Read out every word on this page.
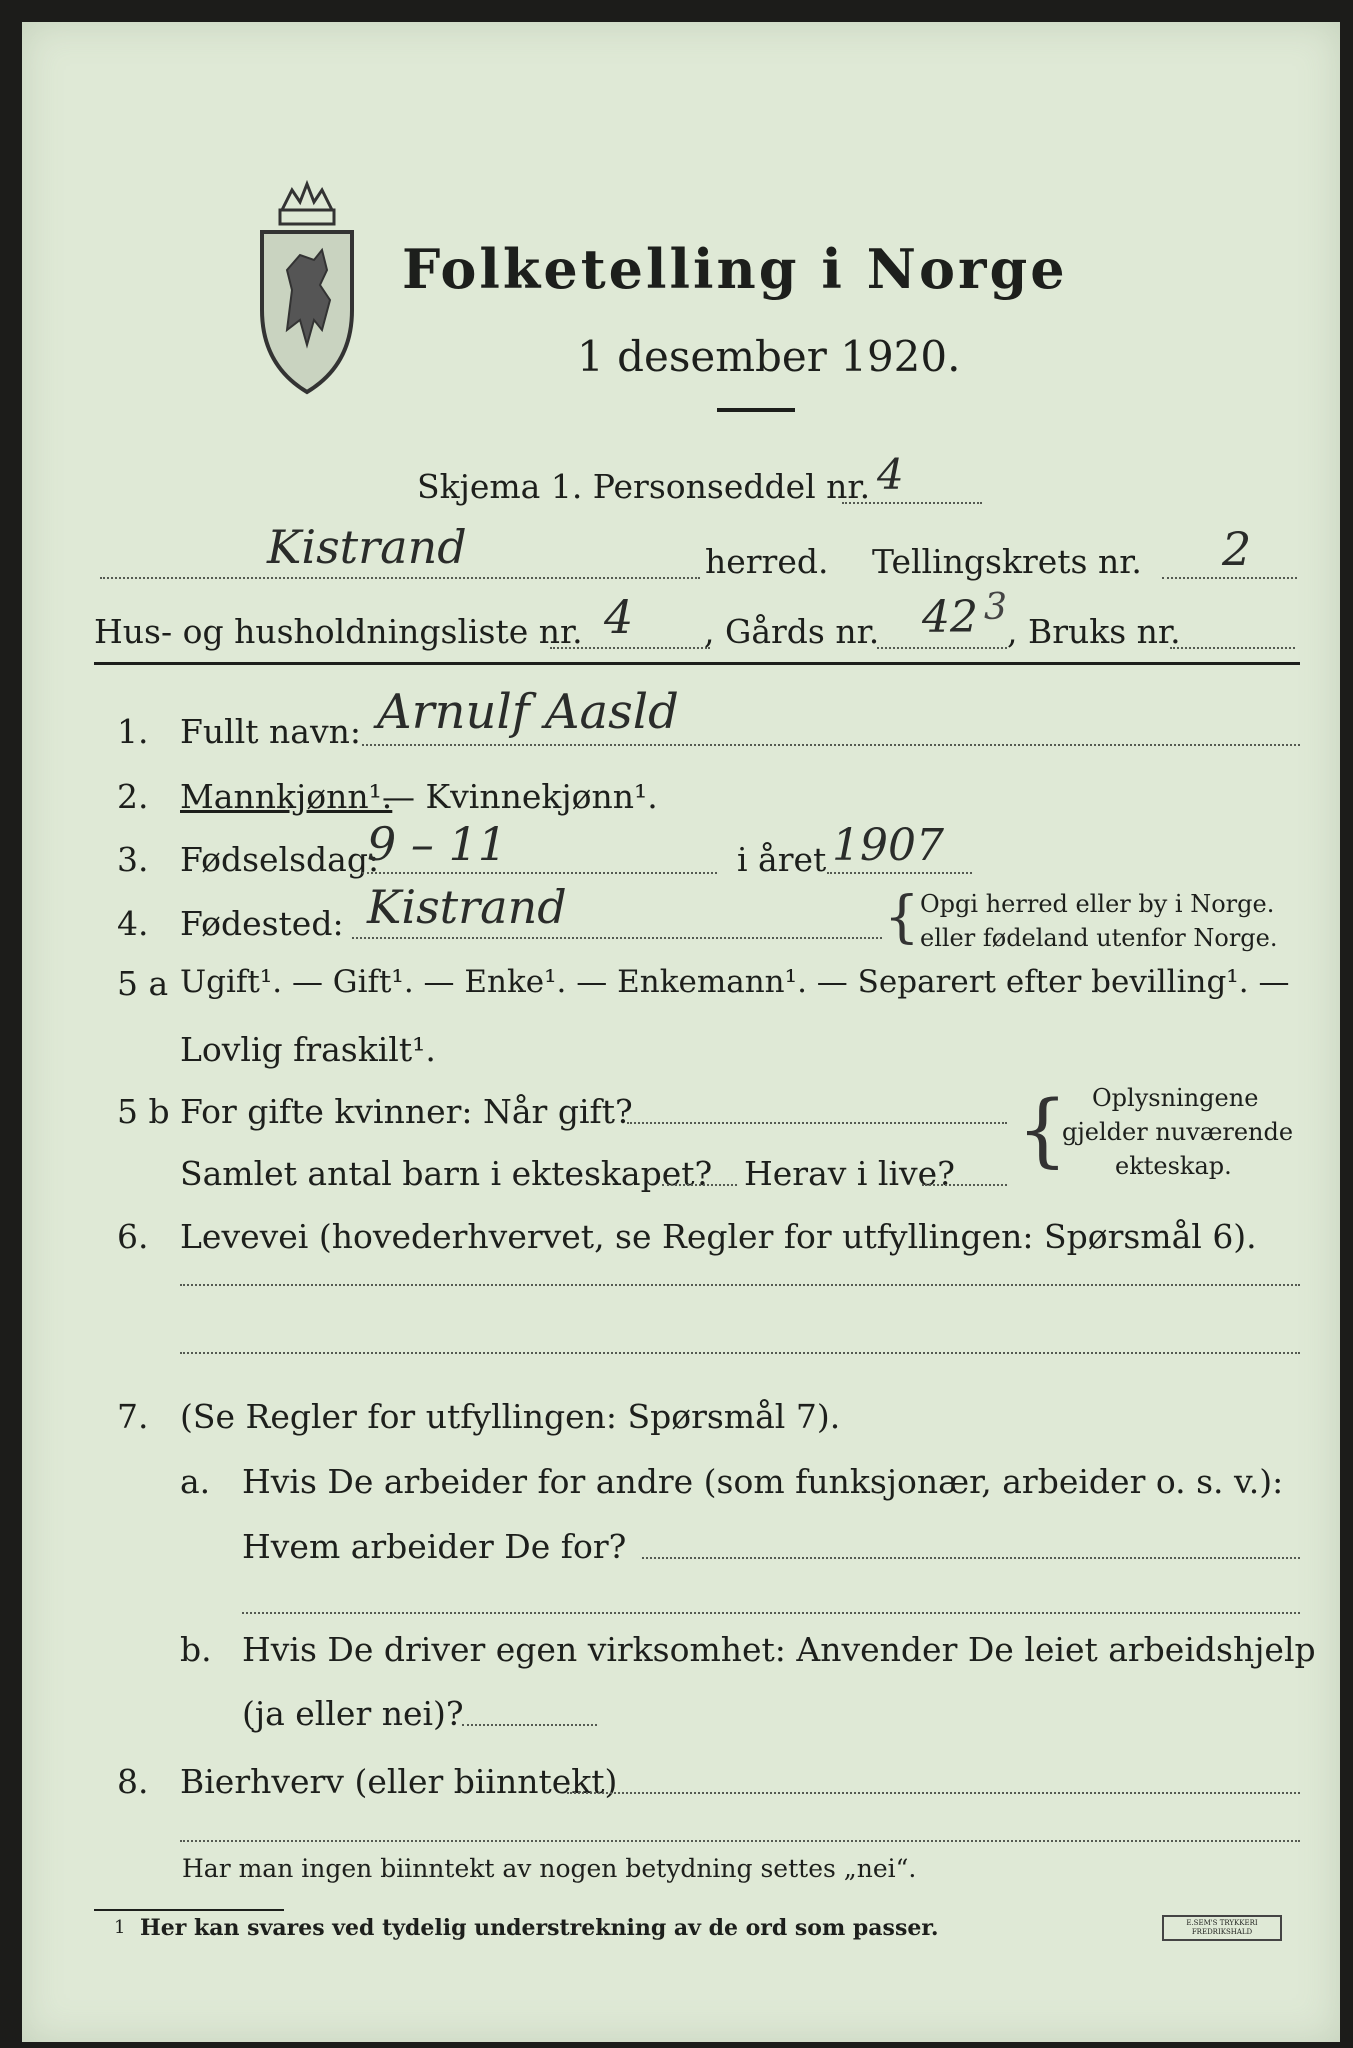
Folketelling i Norge
1 desember 1920.
Skjema 1. Personseddel nr. 4
Kistrand	herred. Tellingskrets nr. 2
Hus- og husholdningsliste nr. 4 , Gårds nr. 42 3
, Bruks nr.
1. Fullt navn: Arnulf Aasld
2. Mannkjønn¹.
— Kvinnekjønn¹.
3. Fødselsdag:
9 – 11	i året 1907
4. Fødested: Kistrand	{ Opgi herred eller by i Norge.
eller fødeland utenfor Norge.
5 a Ugift¹. — Gift¹. — Enke¹. — Enkemann¹. — Separert efter bevilling¹. —
Lovlig fraskilt¹.
5 b For gifte kvinner: Når gift?
Samlet antal barn i ekteskapet? Herav i live? { Oplysningene
gjelder nuværende
ekteskap.
6. Levevei (hovederhvervet, se Regler for utfyllingen: Spørsmål 6).
7. (Se Regler for utfyllingen: Spørsmål 7).
a. Hvis De arbeider for andre (som funksjonær, arbeider o. s. v.):
Hvem arbeider De for?
b. Hvis De driver egen virksomhet: Anvender De leiet arbeidshjelp
(ja eller nei)?
8. Bierhverv (eller biinntekt)
Har man ingen biinntekt av nogen betydning settes „nei“.
1 Her kan svares ved tydelig understrekning av de ord som passer.	E.SEM'S TRYKKERI FREDRIKSHALD
